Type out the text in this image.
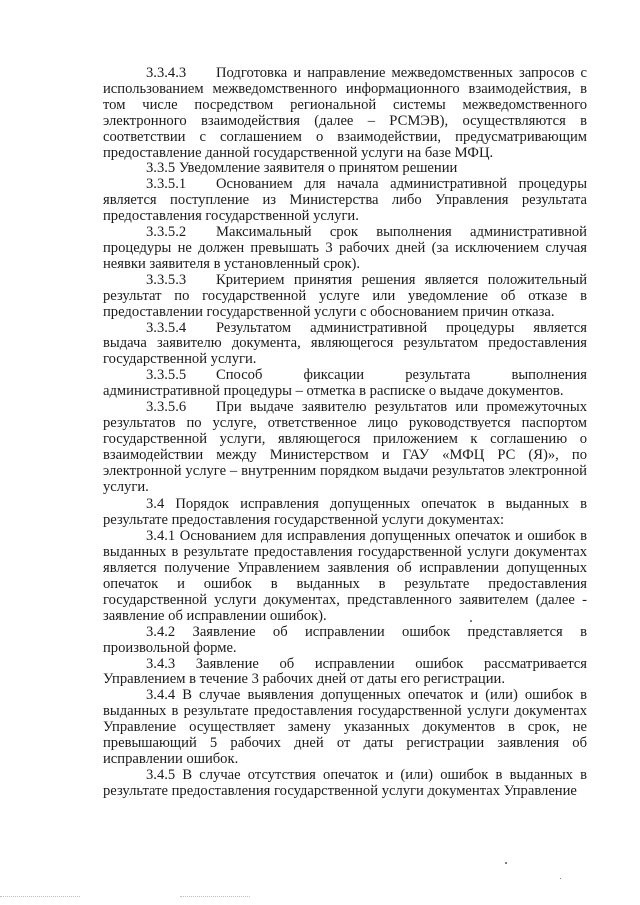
3.3.4.3 Подготовка и направление межведомственных запросов с использованием межведомственного информационного взаимодействия, в том числе посредством региональной системы межведомственного электронного взаимодействия (далее – РСМЭВ), осуществляются в соответствии с соглашением о взаимодействии, предусматривающим предоставление данной государственной услуги на базе МФЦ.

3.3.5 Уведомление заявителя о принятом решении

3.3.5.1 Основанием для начала административной процедуры является поступление из Министерства либо Управления результата предоставления государственной услуги.

3.3.5.2 Максимальный срок выполнения административной процедуры не должен превышать 3 рабочих дней (за исключением случая неявки заявителя в установленный срок).

3.3.5.3 Критерием принятия решения является положительный результат по государственной услуге или уведомление об отказе в предоставлении государственной услуги с обоснованием причин отказа.

3.3.5.4 Результатом административной процедуры является выдача заявителю документа, являющегося результатом предоставления государственной услуги.

3.3.5.5 Способ фиксации результата выполнения административной процедуры – отметка в расписке о выдаче документов.

3.3.5.6 При выдаче заявителю результатов или промежуточных результатов по услуге, ответственное лицо руководствуется паспортом государственной услуги, являющегося приложением к соглашению о взаимодействии между Министерством и ГАУ «МФЦ РС (Я)», по электронной услуге – внутренним порядком выдачи результатов электронной услуги.

3.4 Порядок исправления допущенных опечаток в выданных в результате предоставления государственной услуги документах:

3.4.1 Основанием для исправления допущенных опечаток и ошибок в выданных в результате предоставления государственной услуги документах является получение Управлением заявления об исправлении допущенных опечаток и ошибок в выданных в результате предоставления государственной услуги документах, представленного заявителем (далее - заявление об исправлении ошибок).

3.4.2 Заявление об исправлении ошибок представляется в произвольной форме.

3.4.3 Заявление об исправлении ошибок рассматривается Управлением в течение 3 рабочих дней от даты его регистрации.

3.4.4 В случае выявления допущенных опечаток и (или) ошибок в выданных в результате предоставления государственной услуги документах Управление осуществляет замену указанных документов в срок, не превышающий 5 рабочих дней от даты регистрации заявления об исправлении ошибок.

3.4.5 В случае отсутствия опечаток и (или) ошибок в выданных в результате предоставления государственной услуги документах Управление
